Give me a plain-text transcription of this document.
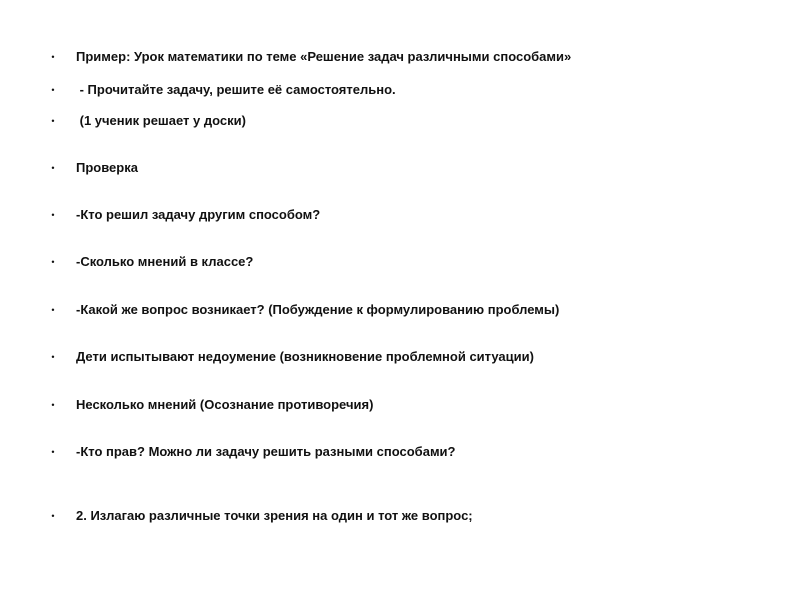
•

Пример: Урок математики по теме «Решение задач различными способами»

•

- Прочитайте задачу, решите её самостоятельно.

•

(1 ученик решает у доски)

•

Проверка

•

-Кто решил задачу другим способом?

•

-Сколько мнений в классе?

•

-Какой же вопрос возникает? (Побуждение к формулированию проблемы)

•

Дети испытывают недоумение (возникновение проблемной ситуации)

•

Несколько мнений (Осознание противоречия)

•

-Кто прав? Можно ли задачу решить разными способами?

•

2. Излагаю различные точки зрения на один и тот же вопрос;
